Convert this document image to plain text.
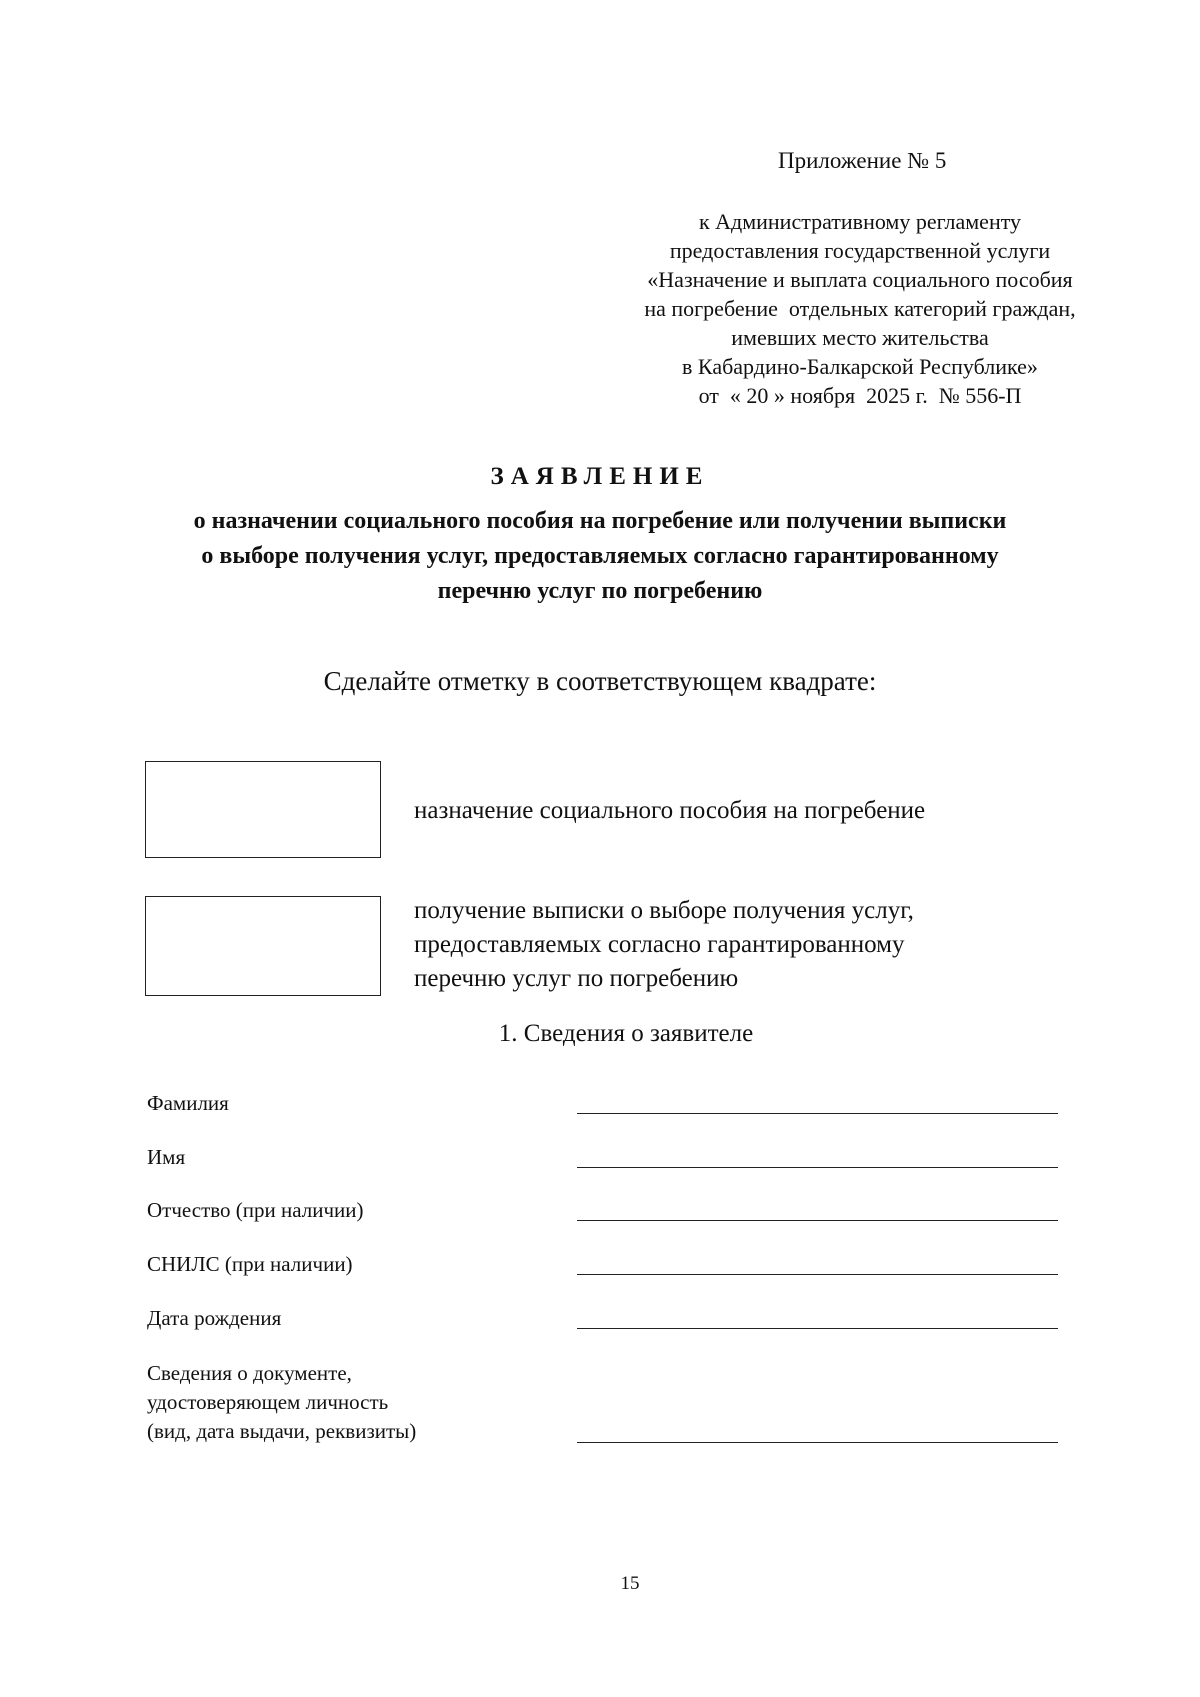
Приложение № 5
к Административному регламенту
предоставления государственной услуги
«Назначение и выплата социального пособия
на погребение  отдельных категорий граждан,
имевших место жительства
в Кабардино-Балкарской Республике»
от  « 20 » ноября  2025 г.  № 556-П
ЗАЯВЛЕНИЕ
о назначении социального пособия на погребение или получении выписки
о выборе получения услуг, предоставляемых согласно гарантированному
перечню услуг по погребению
Сделайте отметку в соответствующем квадрате:
назначение социального пособия на погребение
получение выписки о выборе получения услуг,
предоставляемых согласно гарантированному
перечню услуг по погребению
1. Сведения о заявителе
Фамилия
Имя
Отчество (при наличии)
СНИЛС (при наличии)
Дата рождения
Сведения о документе,
удостоверяющем личность
(вид, дата выдачи, реквизиты)
15
